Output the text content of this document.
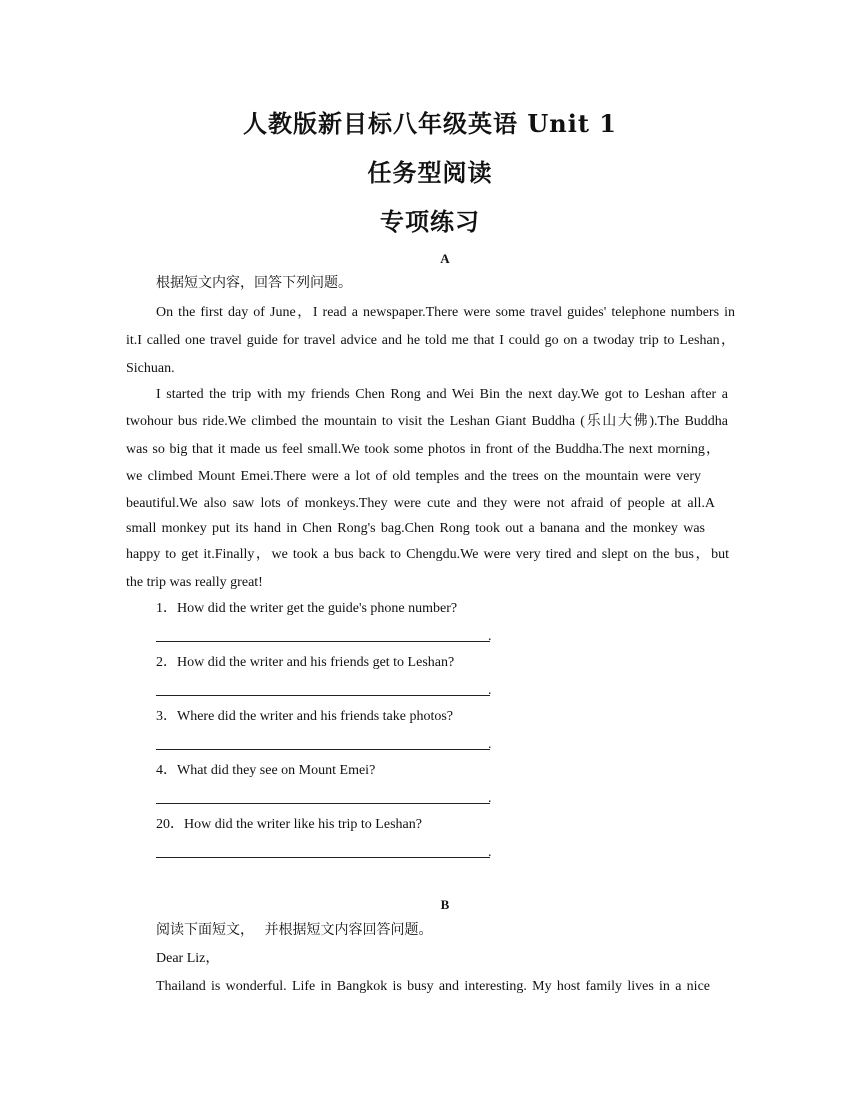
人教版新目标八年级英语 Unit 1
任务型阅读
专项练习
A
根据短文内容，回答下列问题。
On the first day of June，I read a newspaper.There were some travel guides' telephone numbers in
it.I called one travel guide for travel advice and he told me that I could go on a twoday trip to Leshan，
Sichuan.
I started the trip with my friends Chen Rong and Wei Bin the next day.We got to Leshan after a
twohour bus ride.We climbed the mountain to visit the Leshan Giant Buddha (乐山大佛).The Buddha
was so big that it made us feel small.We took some photos in front of the Buddha.The next morning，
we climbed Mount Emei.There were a lot of old temples and the trees on the mountain were very
beautiful.We also saw lots of monkeys.They were cute and they were not afraid of people at all.A
small monkey put its hand in Chen Rong's bag.Chen Rong took out a banana and the monkey was
happy to get it.Finally，we took a bus back to Chengdu.We were very tired and slept on the bus，but
the trip was really great!
1．How did the writer get the guide's phone number?
.
2．How did the writer and his friends get to Leshan?
.
3．Where did the writer and his friends take photos?
.
4．What did they see on Mount Emei?
.
20．How did the writer like his trip to Leshan?
.
B
阅读下面短文，   并根据短文内容回答问题。
Dear Liz，
Thailand is wonderful. Life in Bangkok is busy and interesting. My host family lives in a nice
